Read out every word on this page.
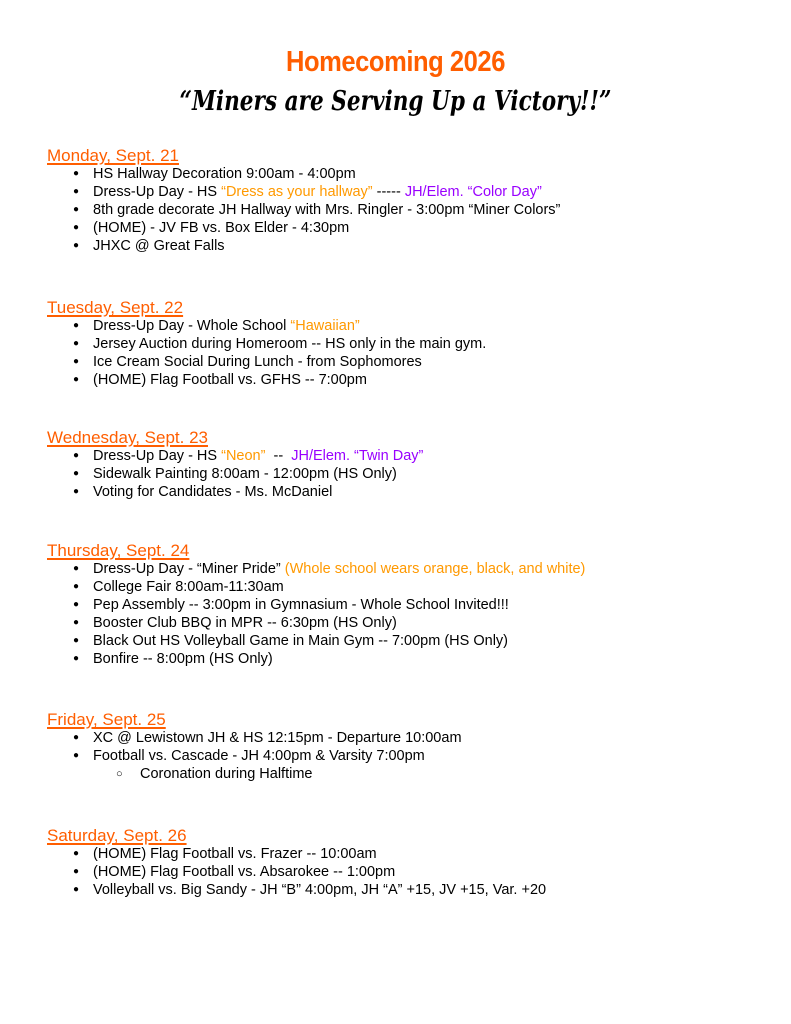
Homecoming 2026
“Miners are Serving Up a Victory!!”
Monday, Sept. 21
● HS Hallway Decoration 9:00am - 4:00pm
● Dress-Up Day - HS “Dress as your hallway” ----- JH/Elem. “Color Day”
● 8th grade decorate JH Hallway with Mrs. Ringler - 3:00pm “Miner Colors”
● (HOME) - JV FB vs. Box Elder - 4:30pm
● JHXC @ Great Falls
Tuesday, Sept. 22
● Dress-Up Day - Whole School “Hawaiian”
● Jersey Auction during Homeroom -- HS only in the main gym.
● Ice Cream Social During Lunch - from Sophomores
● (HOME) Flag Football vs. GFHS -- 7:00pm
Wednesday, Sept. 23
● Dress-Up Day - HS “Neon”  --  JH/Elem. “Twin Day”
● Sidewalk Painting 8:00am - 12:00pm (HS Only)
● Voting for Candidates - Ms. McDaniel
Thursday, Sept. 24
● Dress-Up Day - “Miner Pride” (Whole school wears orange, black, and white)
● College Fair 8:00am-11:30am
● Pep Assembly -- 3:00pm in Gymnasium - Whole School Invited!!!
● Booster Club BBQ in MPR -- 6:30pm (HS Only)
● Black Out HS Volleyball Game in Main Gym -- 7:00pm (HS Only)
● Bonfire -- 8:00pm (HS Only)
Friday, Sept. 25
● XC @ Lewistown JH & HS 12:15pm - Departure 10:00am
● Football vs. Cascade - JH 4:00pm & Varsity 7:00pm
○ Coronation during Halftime
Saturday, Sept. 26
● (HOME) Flag Football vs. Frazer -- 10:00am
● (HOME) Flag Football vs. Absarokee -- 1:00pm
● Volleyball vs. Big Sandy - JH “B” 4:00pm, JH “A” +15, JV +15, Var. +20
